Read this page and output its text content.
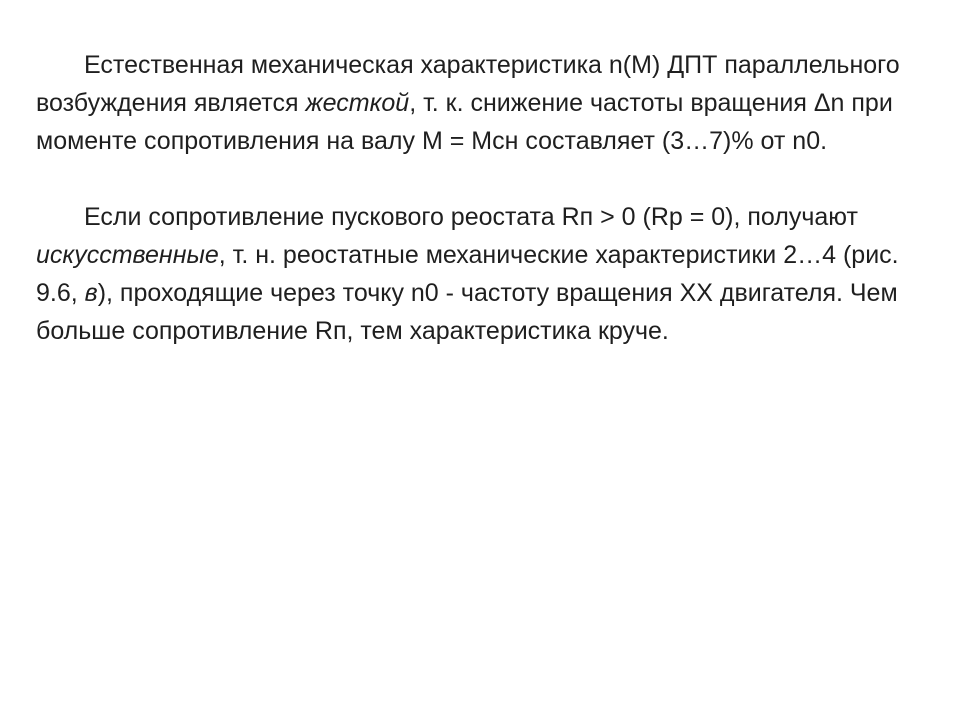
Естественная механическая характеристика n(M) ДПТ параллельного возбуждения является жесткой, т. к. снижение частоты вращения Δn при моменте сопротивления на валу M = Mсн составляет (3…7)% от n0.

Если сопротивление пускового реостата Rп > 0 (Rр = 0), получают искусственные, т. н. реостатные механические характеристики 2…4 (рис. 9.6, в), проходящие через точку n0 - частоту вращения ХХ двигателя. Чем больше сопротивление Rп, тем характеристика круче.
